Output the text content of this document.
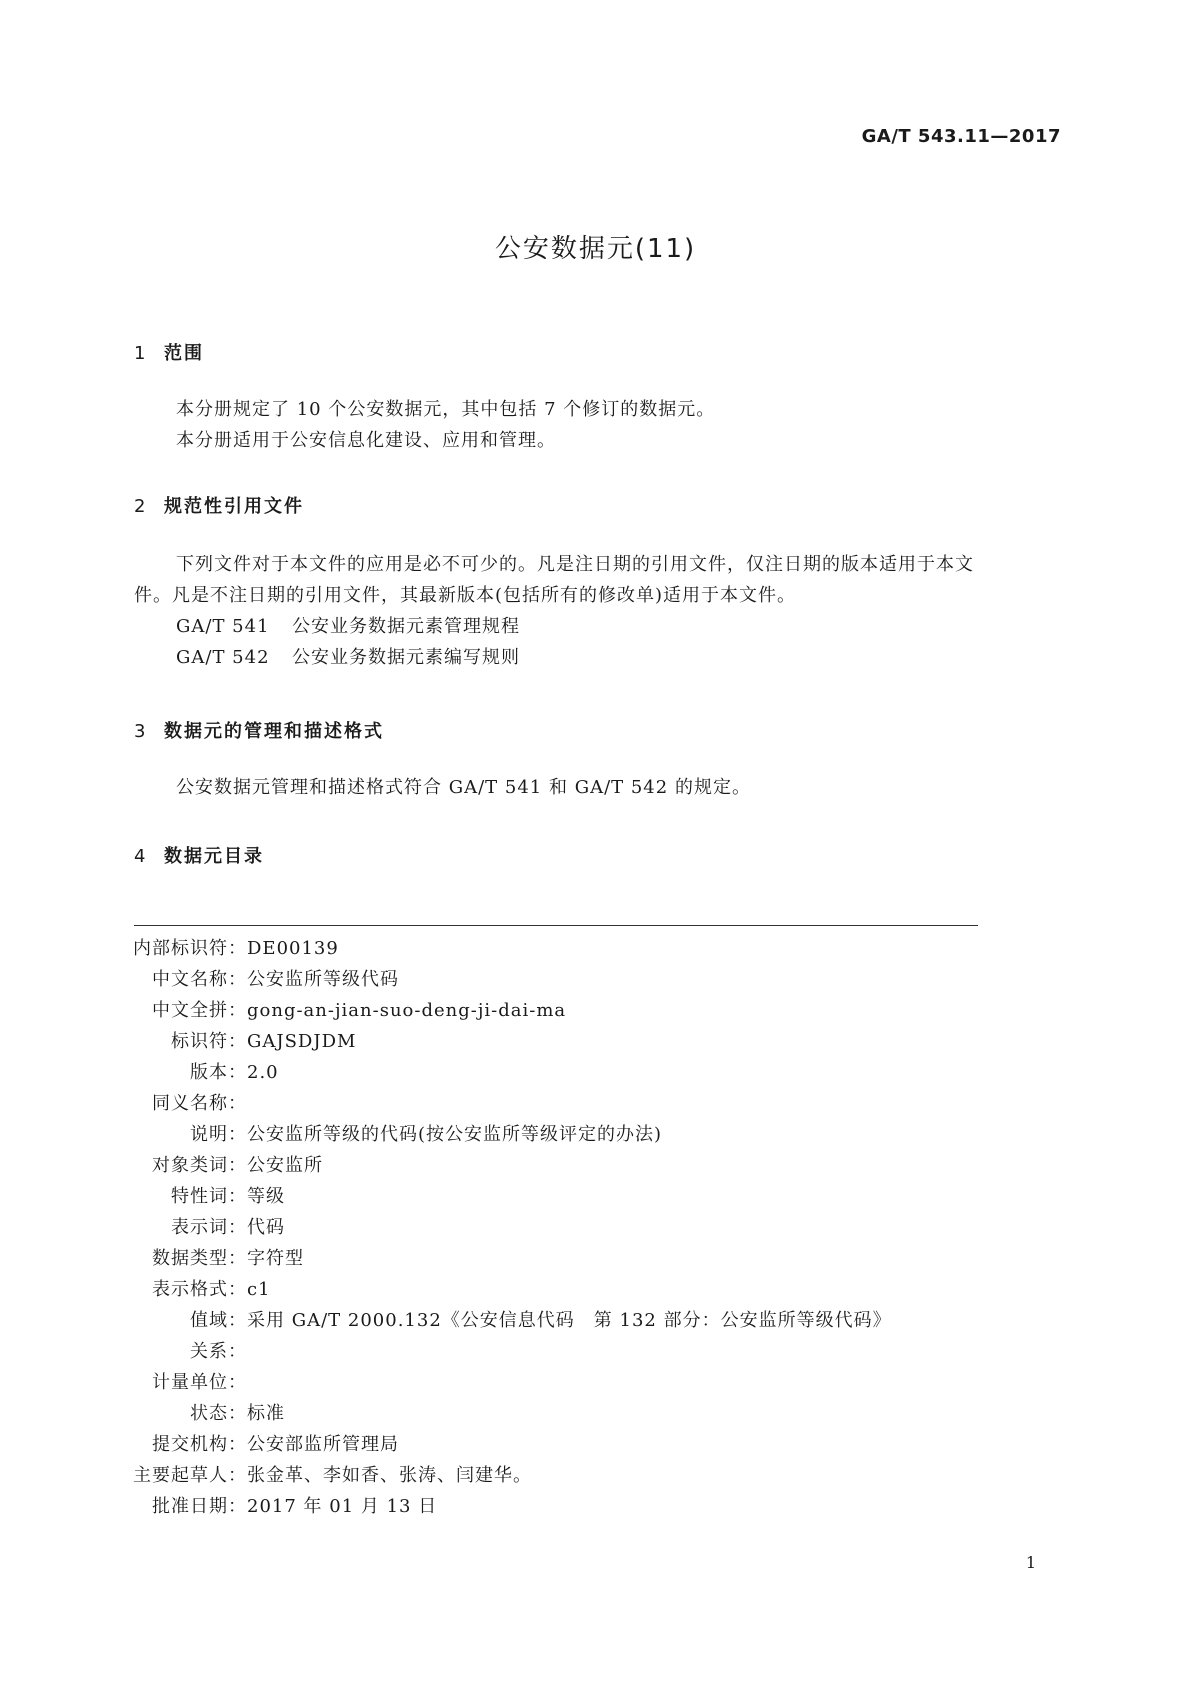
GA/T 543.11—2017
公安数据元(11)
1 范围
本分册规定了 10 个公安数据元，其中包括 7 个修订的数据元。
本分册适用于公安信息化建设、应用和管理。
2 规范性引用文件
下列文件对于本文件的应用是必不可少的。凡是注日期的引用文件，仅注日期的版本适用于本文
件。凡是不注日期的引用文件，其最新版本(包括所有的修改单)适用于本文件。
GA/T 541 公安业务数据元素管理规程
GA/T 542 公安业务数据元素编写规则
3 数据元的管理和描述格式
公安数据元管理和描述格式符合 GA/T 541 和 GA/T 542 的规定。
4 数据元目录
内部标识符：DE00139
中文名称：公安监所等级代码
中文全拼：gong-an-jian-suo-deng-ji-dai-ma
标识符：GAJSDJDM
版本：2.0
同义名称：
说明：公安监所等级的代码(按公安监所等级评定的办法)
对象类词：公安监所
特性词：等级
表示词：代码
数据类型：字符型
表示格式：c1
值域：采用 GA/T 2000.132《公安信息代码　第 132 部分：公安监所等级代码》
关系：
计量单位：
状态：标准
提交机构：公安部监所管理局
主要起草人：张金革、李如香、张涛、闫建华。
批准日期：2017 年 01 月 13 日
1
